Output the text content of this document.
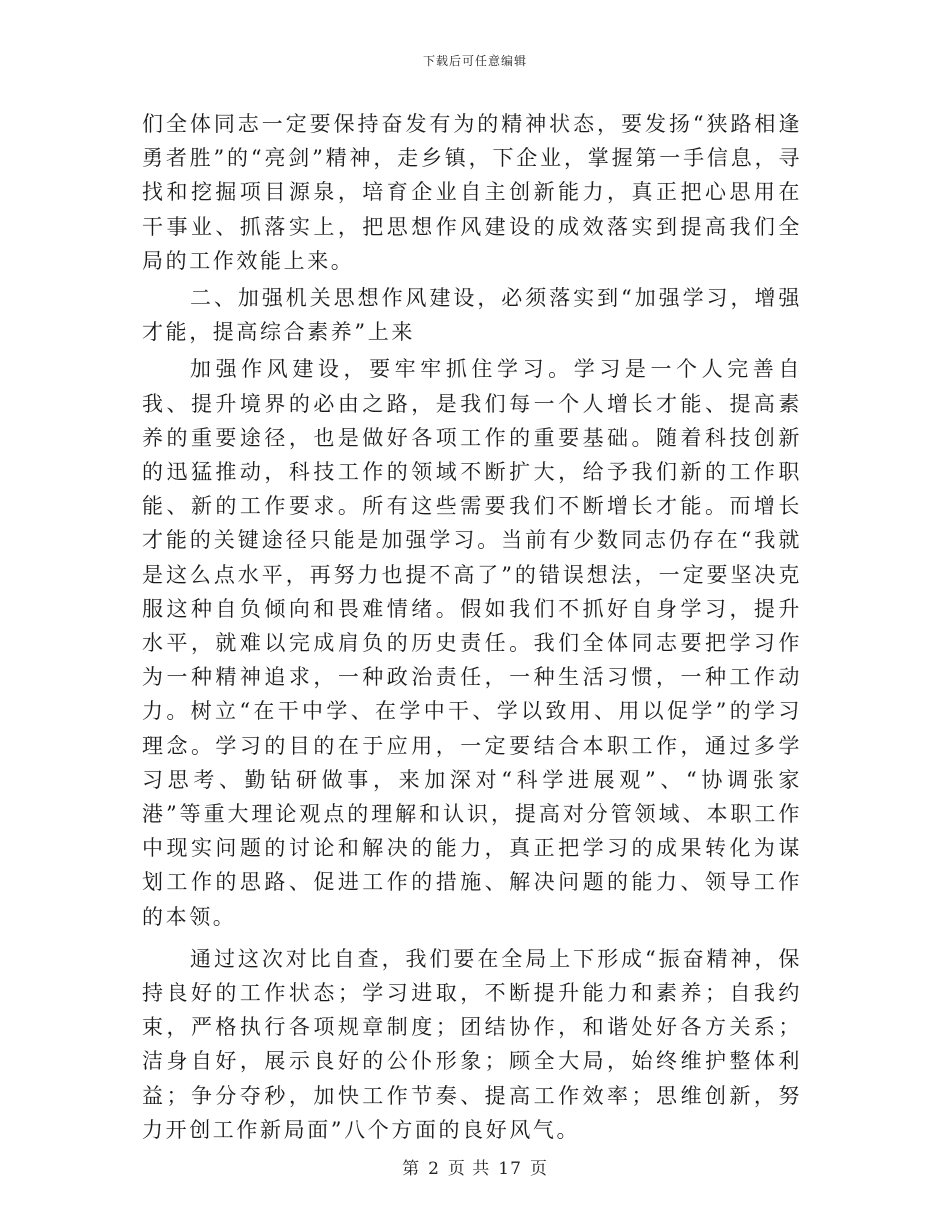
下载后可任意编辑

们全体同志一定要保持奋发有为的精神状态，要发扬“狭路相逢勇者胜”的“亮剑”精神，走乡镇，下企业，掌握第一手信息，寻找和挖掘项目源泉，培育企业自主创新能力，真正把心思用在干事业、抓落实上，把思想作风建设的成效落实到提高我们全局的工作效能上来。

二、加强机关思想作风建设，必须落实到“加强学习，增强才能，提高综合素养”上来

加强作风建设，要牢牢抓住学习。学习是一个人完善自我、提升境界的必由之路，是我们每一个人增长才能、提高素养的重要途径，也是做好各项工作的重要基础。随着科技创新的迅猛推动，科技工作的领域不断扩大，给予我们新的工作职能、新的工作要求。所有这些需要我们不断增长才能。而增长才能的关键途径只能是加强学习。当前有少数同志仍存在“我就是这么点水平，再努力也提不高了”的错误想法，一定要坚决克服这种自负倾向和畏难情绪。假如我们不抓好自身学习，提升水平，就难以完成肩负的历史责任。我们全体同志要把学习作为一种精神追求，一种政治责任，一种生活习惯，一种工作动力。树立“在干中学、在学中干、学以致用、用以促学”的学习理念。学习的目的在于应用，一定要结合本职工作，通过多学习思考、勤钻研做事，来加深对“科学进展观”、“协调张家港”等重大理论观点的理解和认识，提高对分管领域、本职工作中现实问题的讨论和解决的能力，真正把学习的成果转化为谋划工作的思路、促进工作的措施、解决问题的能力、领导工作的本领。

通过这次对比自查，我们要在全局上下形成“振奋精神，保持良好的工作状态；学习进取，不断提升能力和素养；自我约束，严格执行各项规章制度；团结协作，和谐处好各方关系；洁身自好，展示良好的公仆形象；顾全大局，始终维护整体利益；争分夺秒，加快工作节奏、提高工作效率；思维创新，努力开创工作新局面”八个方面的良好风气。

第 2 页 共 17 页
